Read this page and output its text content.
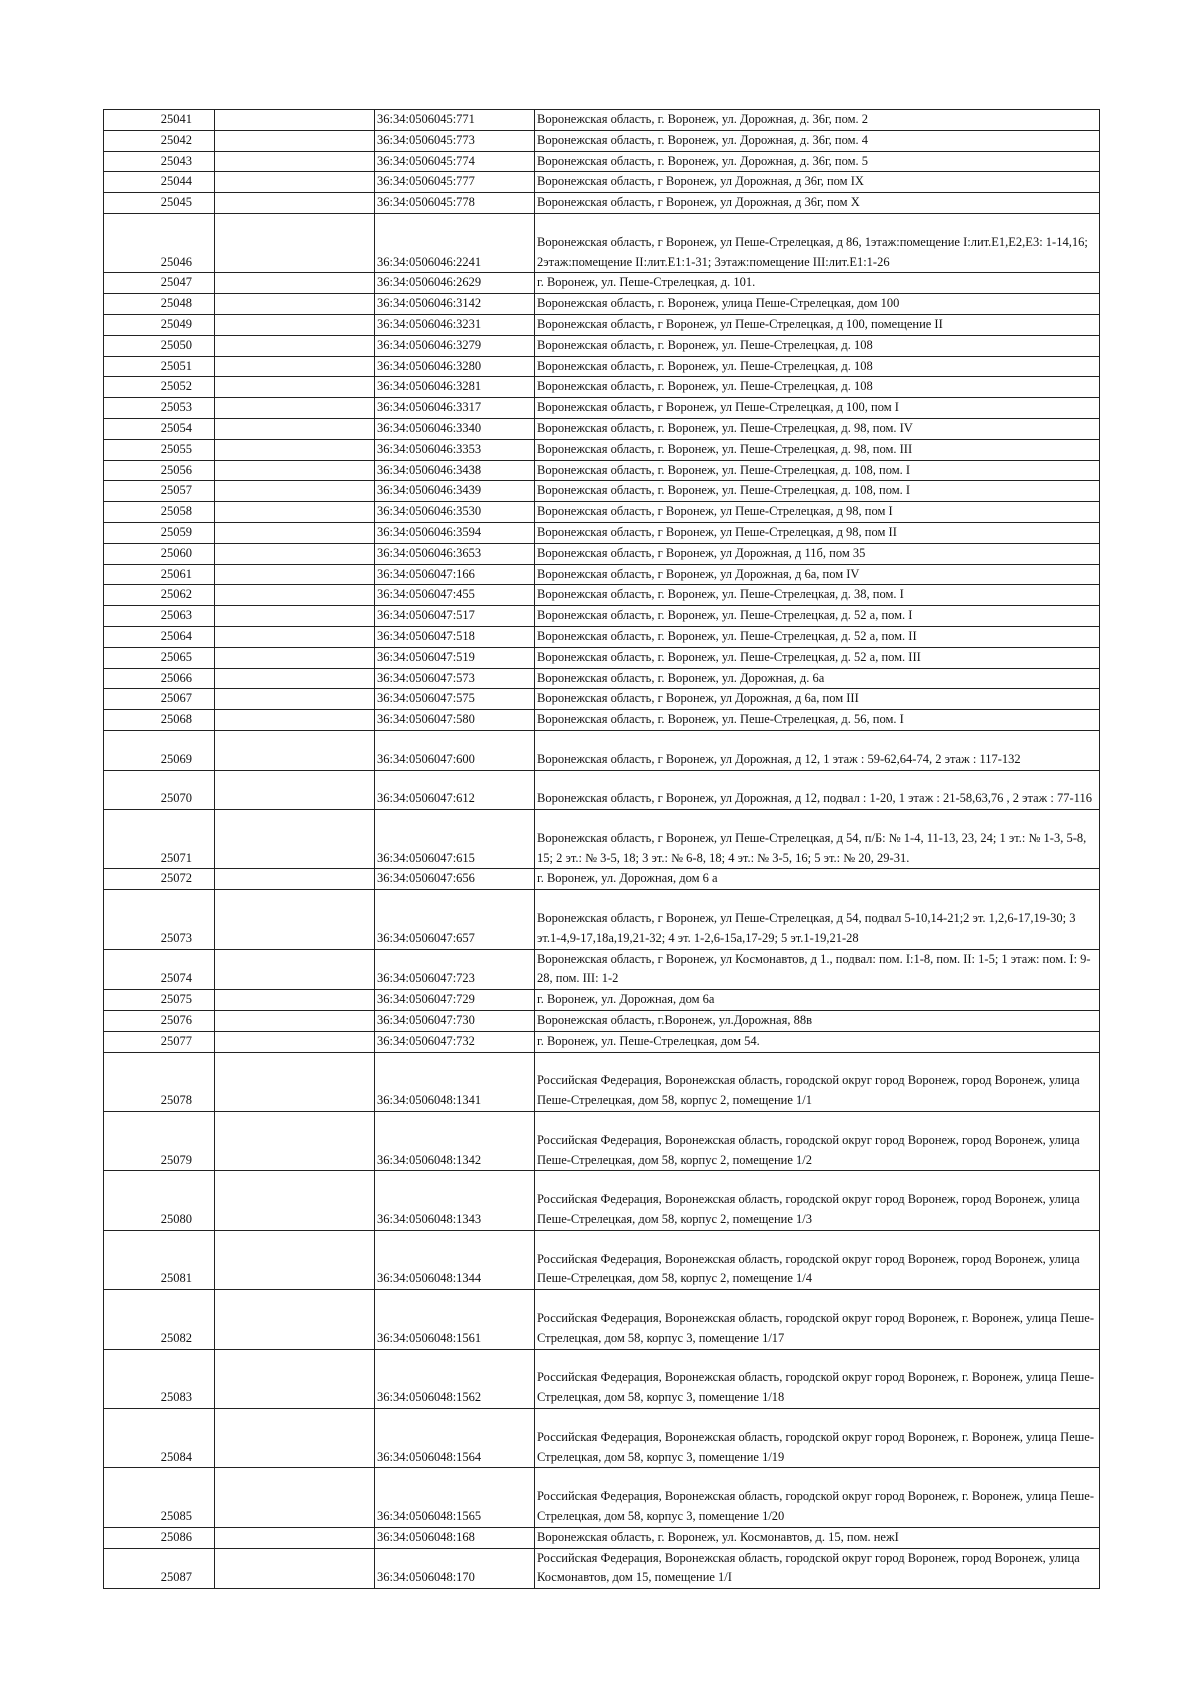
25041		36:34:0506045:771	Воронежская область, г. Воронеж, ул. Дорожная, д. 36г, пом. 2
25042		36:34:0506045:773	Воронежская область, г. Воронеж, ул. Дорожная, д. 36г, пом. 4
25043		36:34:0506045:774	Воронежская область, г. Воронеж, ул. Дорожная, д. 36г, пом. 5
25044		36:34:0506045:777	Воронежская область, г Воронеж, ул Дорожная, д 36г, пом IX
25045		36:34:0506045:778	Воронежская область, г Воронеж, ул Дорожная, д 36г, пом X
25046		36:34:0506046:2241	Воронежская область, г Воронеж, ул Пеше-Стрелецкая, д 86, 1этаж:помещение I:лит.Е1,Е2,Е3: 1-14,16; 2этаж:помещение II:лит.Е1:1-31; 3этаж:помещение III:лит.Е1:1-26
25047		36:34:0506046:2629	г. Воронеж, ул. Пеше-Стрелецкая, д. 101.
25048		36:34:0506046:3142	Воронежская область, г. Воронеж, улица Пеше-Стрелецкая, дом 100
25049		36:34:0506046:3231	Воронежская область, г Воронеж, ул Пеше-Стрелецкая, д 100, помещение II
25050		36:34:0506046:3279	Воронежская область, г. Воронеж, ул. Пеше-Стрелецкая, д. 108
25051		36:34:0506046:3280	Воронежская область, г. Воронеж, ул. Пеше-Стрелецкая, д. 108
25052		36:34:0506046:3281	Воронежская область, г. Воронеж, ул. Пеше-Стрелецкая, д. 108
25053		36:34:0506046:3317	Воронежская область, г Воронеж, ул Пеше-Стрелецкая, д 100, пом I
25054		36:34:0506046:3340	Воронежская область, г. Воронеж, ул. Пеше-Стрелецкая, д. 98, пом. IV
25055		36:34:0506046:3353	Воронежская область, г. Воронеж, ул. Пеше-Стрелецкая, д. 98, пом. III
25056		36:34:0506046:3438	Воронежская область, г. Воронеж, ул. Пеше-Стрелецкая, д. 108, пом. I
25057		36:34:0506046:3439	Воронежская область, г. Воронеж, ул. Пеше-Стрелецкая, д. 108, пом. I
25058		36:34:0506046:3530	Воронежская область, г Воронеж, ул Пеше-Стрелецкая, д 98, пом I
25059		36:34:0506046:3594	Воронежская область, г Воронеж, ул Пеше-Стрелецкая, д 98, пом II
25060		36:34:0506046:3653	Воронежская область, г Воронеж, ул Дорожная, д 11б, пом 35
25061		36:34:0506047:166	Воронежская область, г Воронеж, ул Дорожная, д 6а, пом IV
25062		36:34:0506047:455	Воронежская область, г. Воронеж, ул. Пеше-Стрелецкая, д. 38, пом. I
25063		36:34:0506047:517	Воронежская область, г. Воронеж, ул. Пеше-Стрелецкая, д. 52 а, пом. I
25064		36:34:0506047:518	Воронежская область, г. Воронеж, ул. Пеше-Стрелецкая, д. 52 а, пом. II
25065		36:34:0506047:519	Воронежская область, г. Воронеж, ул. Пеше-Стрелецкая, д. 52 а, пом. III
25066		36:34:0506047:573	Воронежская область, г. Воронеж, ул. Дорожная, д. 6а
25067		36:34:0506047:575	Воронежская область, г Воронеж, ул Дорожная, д 6а, пом III
25068		36:34:0506047:580	Воронежская область, г. Воронеж, ул. Пеше-Стрелецкая, д. 56, пом. I
25069		36:34:0506047:600	Воронежская область, г Воронеж, ул Дорожная, д 12, 1 этаж : 59-62,64-74, 2 этаж : 117-132
25070		36:34:0506047:612	Воронежская область, г Воронеж, ул Дорожная, д 12, подвал : 1-20, 1 этаж : 21-58,63,76 , 2 этаж : 77-116
25071		36:34:0506047:615	Воронежская область, г Воронеж, ул Пеше-Стрелецкая, д 54, п/Б: № 1-4, 11-13, 23, 24; 1 эт.: № 1-3, 5-8, 15; 2 эт.: № 3-5, 18; 3 эт.: № 6-8, 18; 4 эт.: № 3-5, 16; 5 эт.: № 20, 29-31.
25072		36:34:0506047:656	г. Воронеж, ул. Дорожная, дом 6 а
25073		36:34:0506047:657	Воронежская область, г Воронеж, ул Пеше-Стрелецкая, д 54, подвал 5-10,14-21;2 эт. 1,2,6-17,19-30; 3 эт.1-4,9-17,18а,19,21-32; 4 эт. 1-2,6-15а,17-29; 5 эт.1-19,21-28
25074		36:34:0506047:723	Воронежская область, г Воронеж, ул Космонавтов, д 1., подвал: пом. I:1-8, пом. II: 1-5; 1 этаж: пом. I: 9-28, пом. III: 1-2
25075		36:34:0506047:729	г. Воронеж, ул. Дорожная, дом 6а
25076		36:34:0506047:730	Воронежская область, г.Воронеж, ул.Дорожная, 88в
25077		36:34:0506047:732	г. Воронеж, ул. Пеше-Стрелецкая, дом 54.
25078		36:34:0506048:1341	Российская Федерация, Воронежская область, городской округ город Воронеж, город Воронеж, улица Пеше-Стрелецкая, дом 58, корпус 2, помещение 1/1
25079		36:34:0506048:1342	Российская Федерация, Воронежская область, городской округ город Воронеж, город Воронеж, улица Пеше-Стрелецкая, дом 58, корпус 2, помещение 1/2
25080		36:34:0506048:1343	Российская Федерация, Воронежская область, городской округ город Воронеж, город Воронеж, улица Пеше-Стрелецкая, дом 58, корпус 2, помещение 1/3
25081		36:34:0506048:1344	Российская Федерация, Воронежская область, городской округ город Воронеж, город Воронеж, улица Пеше-Стрелецкая, дом 58, корпус 2, помещение 1/4
25082		36:34:0506048:1561	Российская Федерация, Воронежская область, городской округ город Воронеж, г. Воронеж, улица Пеше-Стрелецкая, дом 58, корпус 3, помещение 1/17
25083		36:34:0506048:1562	Российская Федерация, Воронежская область, городской округ город Воронеж, г. Воронеж, улица Пеше-Стрелецкая, дом 58, корпус 3, помещение 1/18
25084		36:34:0506048:1564	Российская Федерация, Воронежская область, городской округ город Воронеж, г. Воронеж, улица Пеше-Стрелецкая, дом 58, корпус 3, помещение 1/19
25085		36:34:0506048:1565	Российская Федерация, Воронежская область, городской округ город Воронеж, г. Воронеж, улица Пеше-Стрелецкая, дом 58, корпус 3, помещение 1/20
25086		36:34:0506048:168	Воронежская область, г. Воронеж, ул. Космонавтов, д. 15, пом. нежI
25087		36:34:0506048:170	Российская Федерация, Воронежская область, городской округ город Воронеж, город Воронеж, улица Космонавтов, дом 15, помещение 1/I
